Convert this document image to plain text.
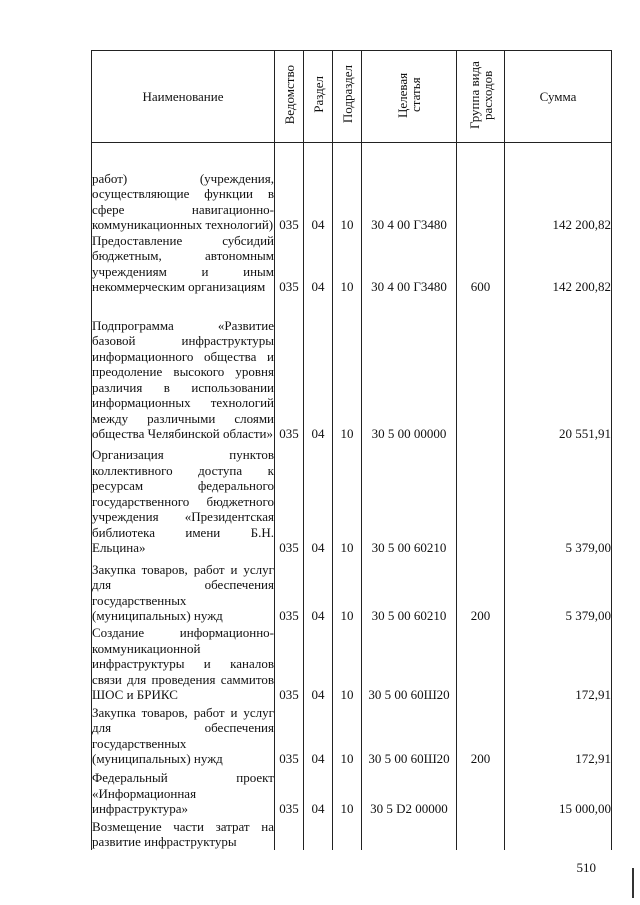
Наименование	Ведомство	Раздел	Подраздел	Целевая статья	Группа вида расходов	Сумма
работ) (учреждения, осуществляющие функции в сфере навигационно-коммуникационных технологий)	035	04	10	30 4 00 Г3480		142 200,82
Предоставление субсидий бюджетным, автономным учреждениям и иным некоммерческим организациям	035	04	10	30 4 00 Г3480	600	142 200,82
Подпрограмма «Развитие базовой инфраструктуры информационного общества и преодоление высокого уровня различия в использовании информационных технологий между различными слоями общества Челябинской области»	035	04	10	30 5 00 00000		20 551,91
Организация пунктов коллективного доступа к ресурсам федерального государственного бюджетного учреждения «Президентская библиотека имени Б.Н. Ельцина»	035	04	10	30 5 00 60210		5 379,00
Закупка товаров, работ и услуг для обеспечения государственных (муниципальных) нужд	035	04	10	30 5 00 60210	200	5 379,00
Создание информационно-коммуникационной инфраструктуры и каналов связи для проведения саммитов ШОС и БРИКС	035	04	10	30 5 00 60Ш20		172,91
Закупка товаров, работ и услуг для обеспечения государственных (муниципальных) нужд	035	04	10	30 5 00 60Ш20	200	172,91
Федеральный проект «Информационная инфраструктура»	035	04	10	30 5 D2 00000		15 000,00
Возмещение части затрат на развитие инфраструктуры						
510
